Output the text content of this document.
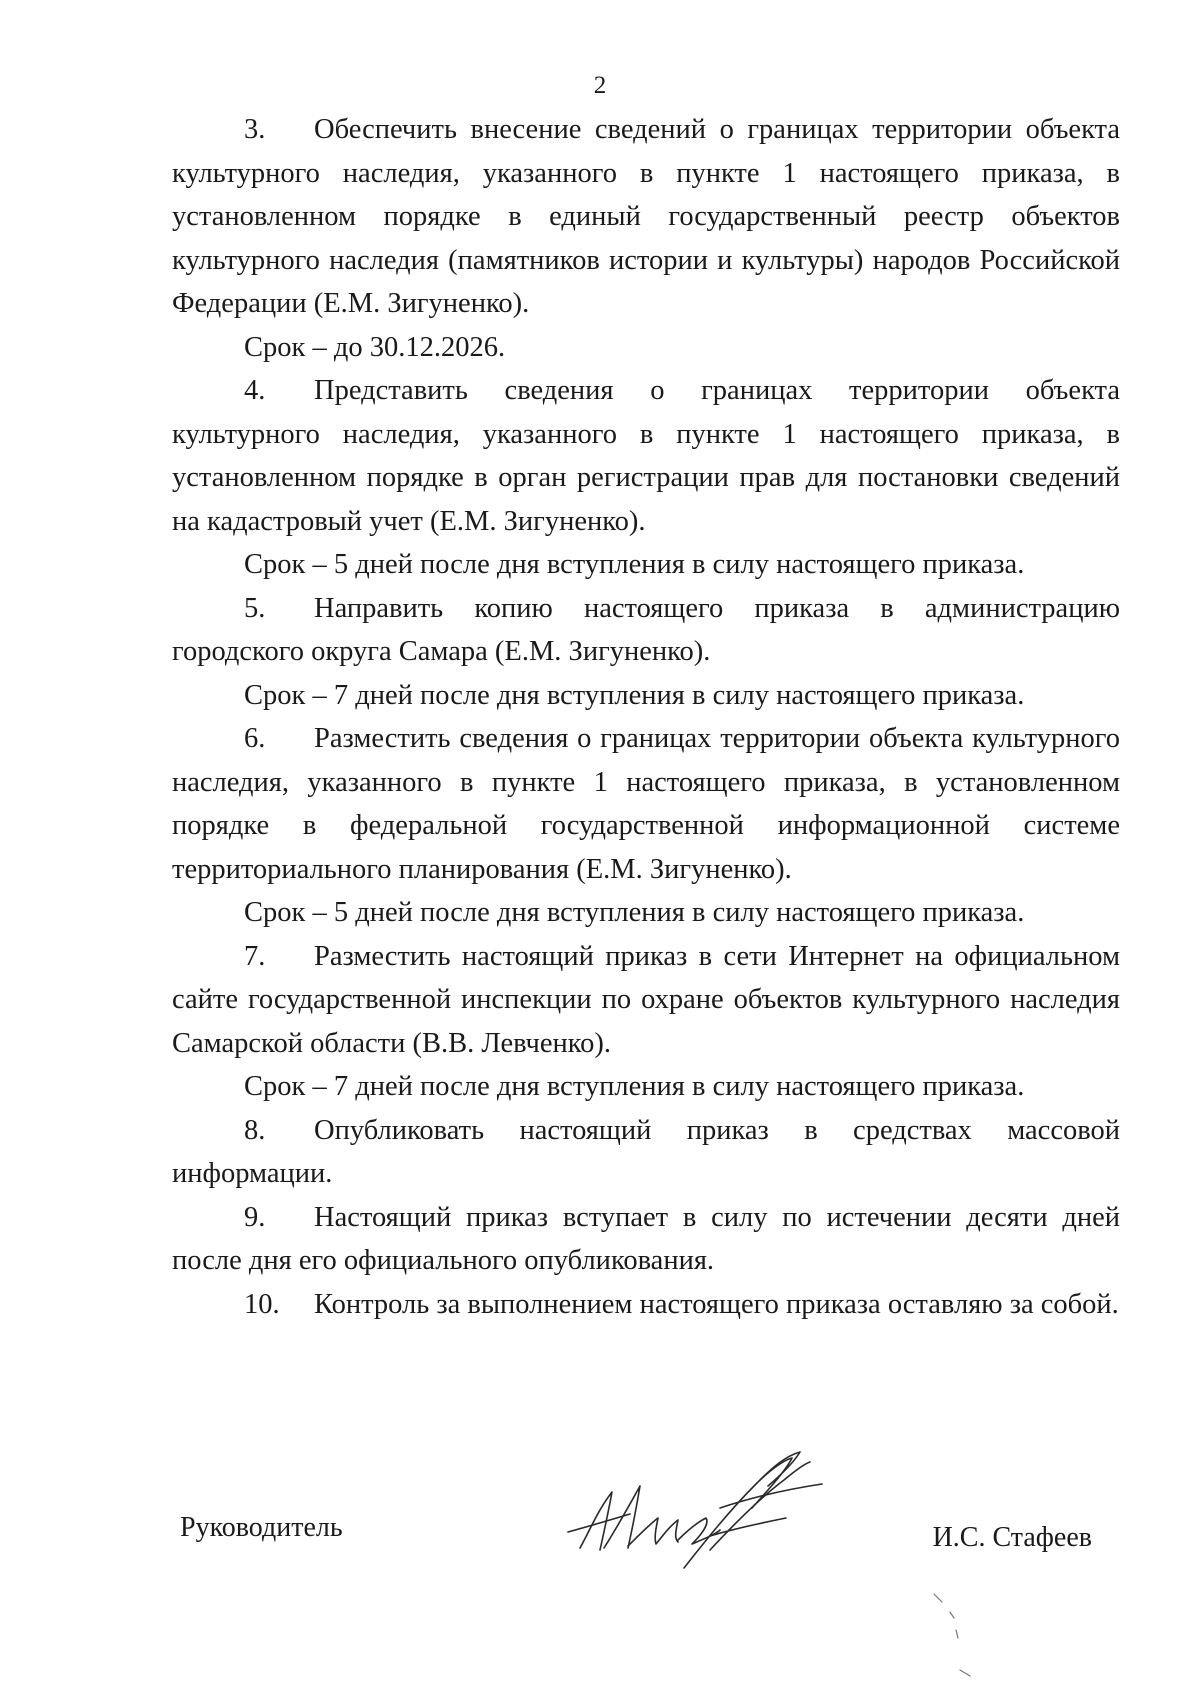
2

3. Обеспечить внесение сведений о границах территории объекта культурного наследия, указанного в пункте 1 настоящего приказа, в установленном порядке в единый государственный реестр объектов культурного наследия (памятников истории и культуры) народов Российской Федерации (Е.М. Зигуненко).

Срок – до 30.12.2026.

4. Представить сведения о границах территории объекта культурного наследия, указанного в пункте 1 настоящего приказа, в установленном порядке в орган регистрации прав для постановки сведений на кадастровый учет (Е.М. Зигуненко).

Срок – 5 дней после дня вступления в силу настоящего приказа.

5. Направить копию настоящего приказа в администрацию городского округа Самара (Е.М. Зигуненко).

Срок – 7 дней после дня вступления в силу настоящего приказа.

6. Разместить сведения о границах территории объекта культурного наследия, указанного в пункте 1 настоящего приказа, в установленном порядке в федеральной государственной информационной системе территориального планирования (Е.М. Зигуненко).

Срок – 5 дней после дня вступления в силу настоящего приказа.

7. Разместить настоящий приказ в сети Интернет на официальном сайте государственной инспекции по охране объектов культурного наследия Самарской области (В.В. Левченко).

Срок – 7 дней после дня вступления в силу настоящего приказа.

8. Опубликовать настоящий приказ в средствах массовой информации.

9. Настоящий приказ вступает в силу по истечении десяти дней после дня его официального опубликования.

10. Контроль за выполнением настоящего приказа оставляю за собой.

Руководитель	И.С. Стафеев
